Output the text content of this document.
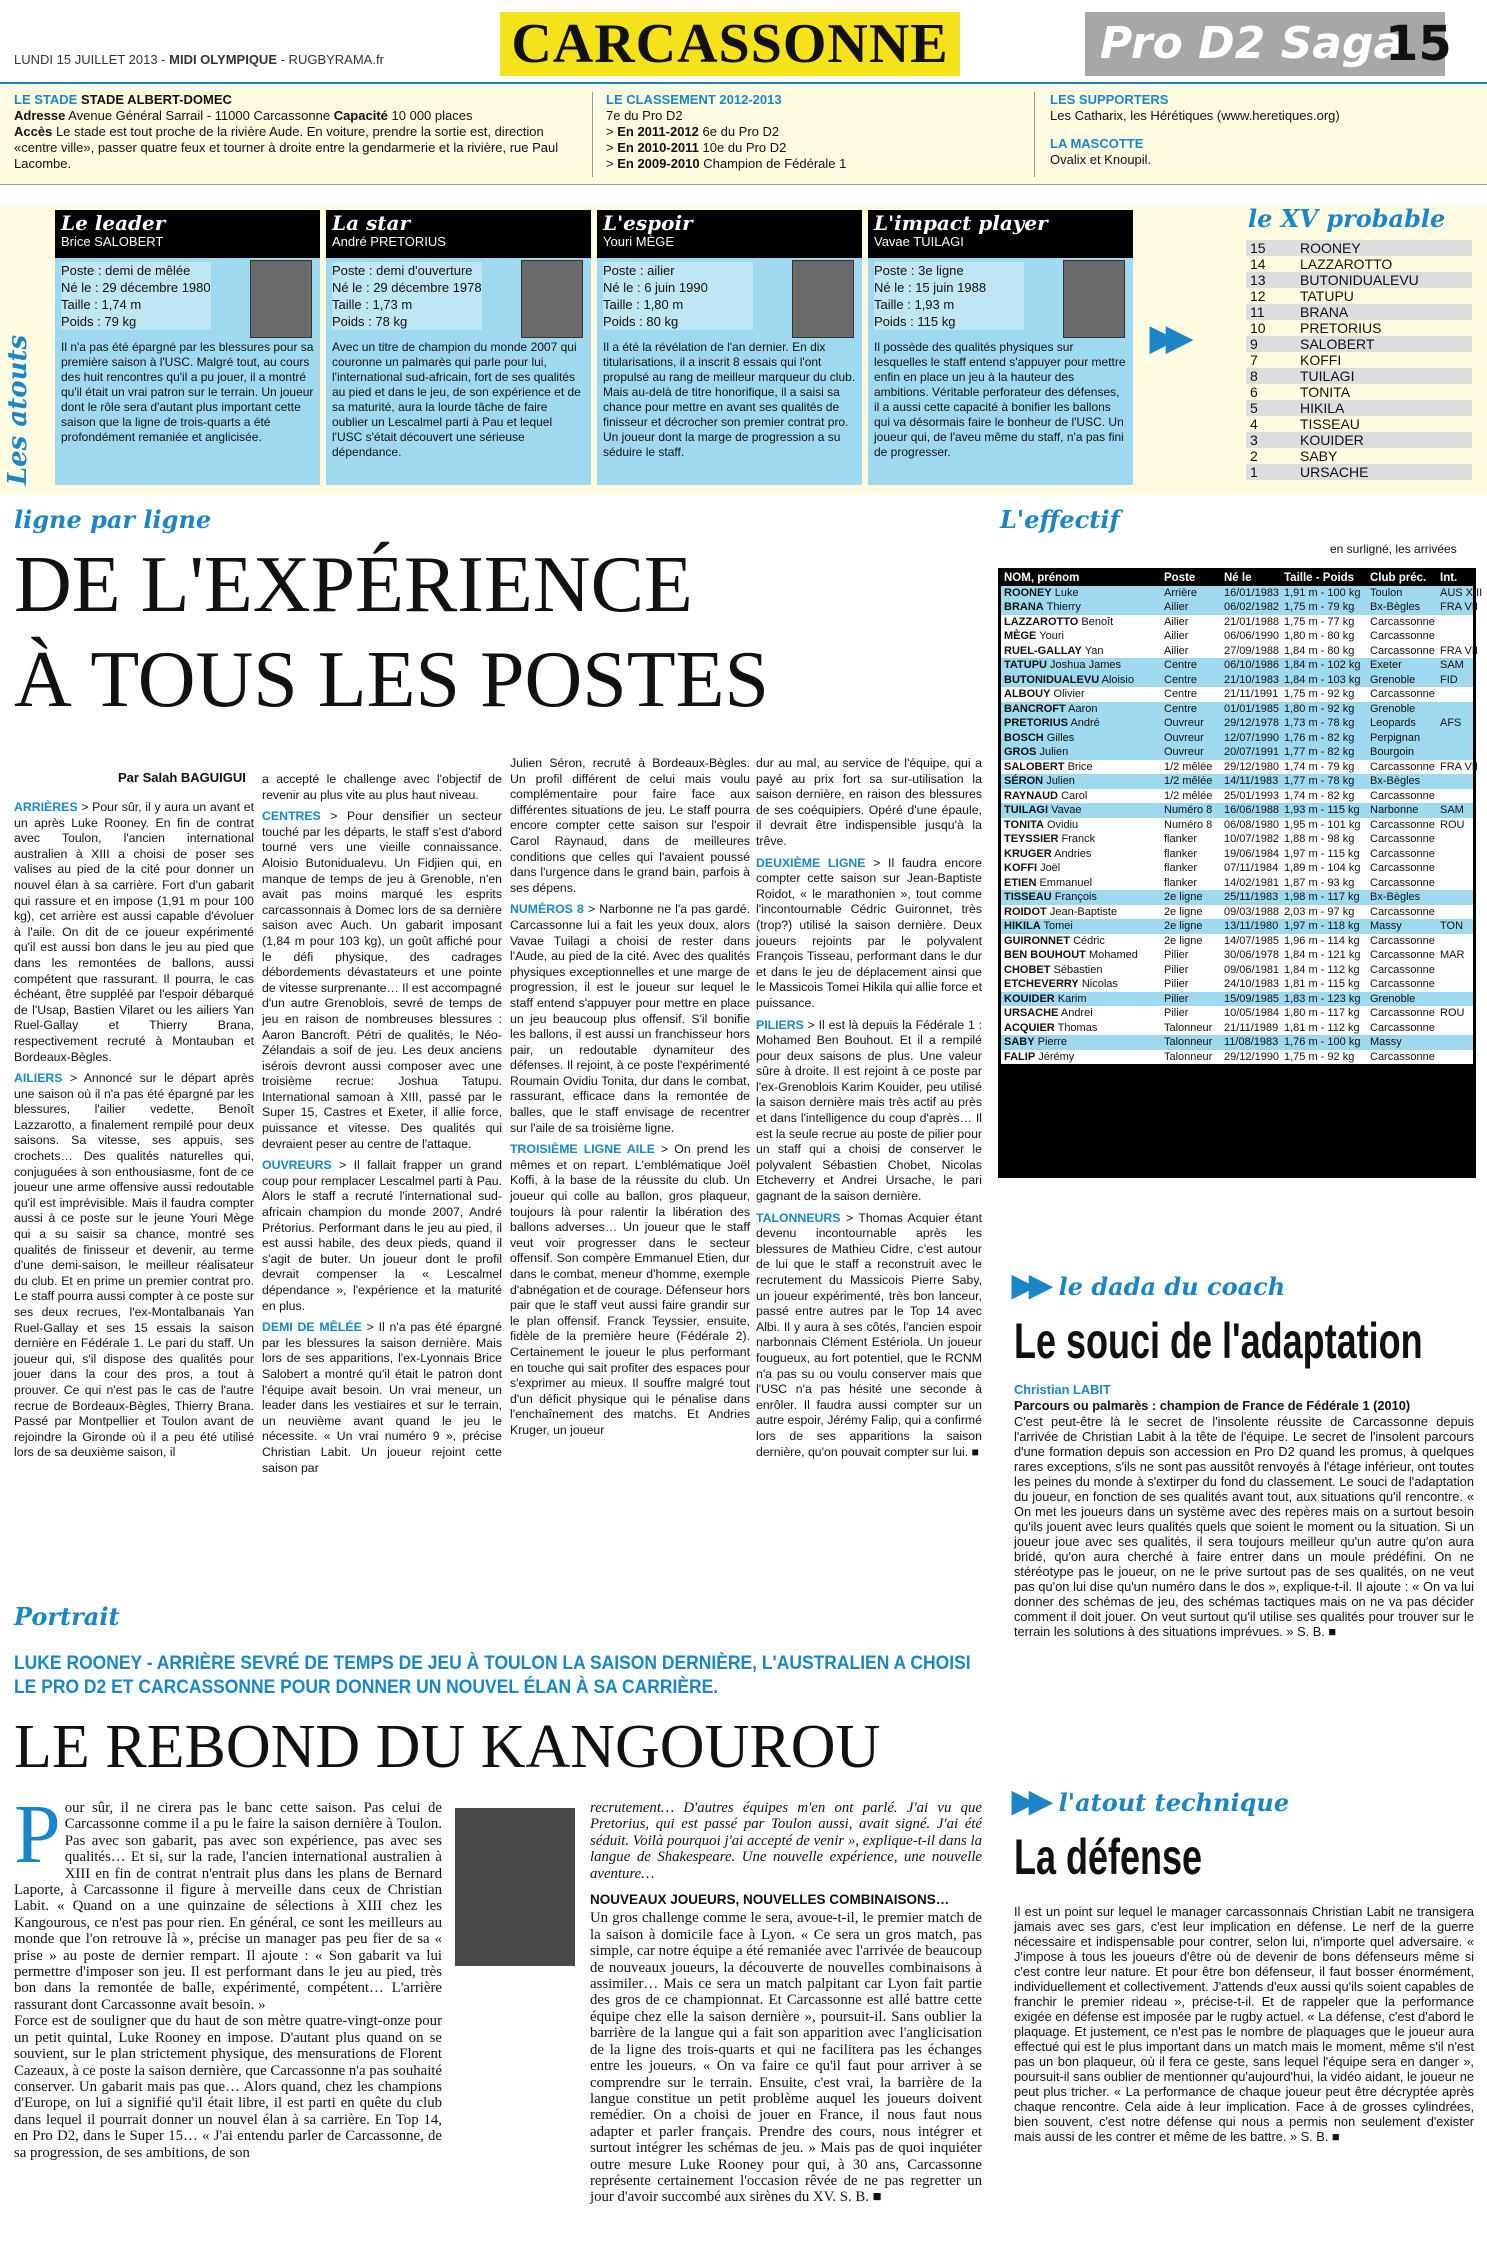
LUNDI 15 JUILLET 2013 - MIDI OLYMPIQUE - RUGBYRAMA.fr CARCASSONNE	Pro D2 Saga
15
LE STADE STADE ALBERT-DOMEC
Adresse Avenue Général Sarrail - 11000 Carcassonne Capacité 10 000 places
Accès Le stade est tout proche de la rivière Aude. En voiture, prendre la sortie est, direction «centre ville», passer quatre feux et tourner à droite entre la gendarmerie et la rivière, rue Paul Lacombe.
LE CLASSEMENT 2012-2013
7e du Pro D2
> En 2011-2012 6e du Pro D2
> En 2010-2011 10e du Pro D2
> En 2009-2010 Champion de Fédérale 1
LES SUPPORTERS
Les Catharix, les Hérétiques (www.heretiques.org)
LA MASCOTTE
Ovalix et Knoupil.
Les atouts
Le leader
Brice SALOBERT
Poste : demi de mêlée
Né le : 29 décembre 1980
Taille : 1,74 m
Poids : 79 kg
Il n'a pas été épargné par les blessures pour sa première saison à l'USC. Malgré tout, au cours des huit rencontres qu'il a pu jouer, il a montré qu'il était un vrai patron sur le terrain. Un joueur dont le rôle sera d'autant plus important cette saison que la ligne de trois-quarts a été profondément remaniée et anglicisée.
La star
André PRETORIUS
Poste : demi d'ouverture
Né le : 29 décembre 1978
Taille : 1,73 m
Poids : 78 kg
Avec un titre de champion du monde 2007 qui couronne un palmarès qui parle pour lui, l'international sud-africain, fort de ses qualités au pied et dans le jeu, de son expérience et de sa maturité, aura la lourde tâche de faire oublier un Lescalmel parti à Pau et lequel l'USC s'était découvert une sérieuse dépendance.
L'espoir
Youri MÈGE
Poste : ailier
Né le : 6 juin 1990
Taille : 1,80 m
Poids : 80 kg
Il a été la révélation de l'an dernier. En dix titularisations, il a inscrit 8 essais qui l'ont propulsé au rang de meilleur marqueur du club. Mais au-delà de titre honorifique, il a saisi sa chance pour mettre en avant ses qualités de finisseur et décrocher son premier contrat pro. Un joueur dont la marge de progression a su séduire le staff.
L'impact player
Vavae TUILAGI
Poste : 3e ligne
Né le : 15 juin 1988
Taille : 1,93 m
Poids : 115 kg
Il possède des qualités physiques sur lesquelles le staff entend s'appuyer pour mettre enfin en place un jeu à la hauteur des ambitions. Véritable perforateur des défenses, il a aussi cette capacité à bonifier les ballons qui va désormais faire le bonheur de l'USC. Un joueur qui, de l'aveu même du staff, n'a pas fini de progresser.
▶▶
le XV probable
15 ROONEY
14 LAZZAROTTO
13 BUTONIDUALEVU
12 TATUPU
11	BRANA
10 PRETORIUS
9	SALOBERT
7	KOFFI
8	TUILAGI
6	TONITA
5	HIKILA
4	TISSEAU
3	KOUIDER
2	SABY
1	URSACHE
ligne par ligne
DE L'EXPÉRIENCE
À TOUS LES POSTES
Par Salah BAGUIGUI

ARRIÈRES > Pour sûr, il y aura un avant et un après Luke Rooney. En fin de contrat avec Toulon, l'ancien international australien à XIII a choisi de poser ses valises au pied de la cité pour donner un nouvel élan à sa carrière. Fort d'un gabarit qui rassure et en impose (1,91 m pour 100 kg), cet arrière est aussi capable d'évoluer à l'aile. On dit de ce joueur expérimenté qu'il est aussi bon dans le jeu au pied que dans les remontées de ballons, aussi compétent que rassurant. Il pourra, le cas échéant, être suppléé par l'espoir débarqué de l'Usap, Bastien Vilaret ou les ailiers Yan Ruel-Gallay et Thierry Brana, respectivement recruté à Montauban et Bordeaux-Bègles.

AILIERS > Annoncé sur le départ après une saison où il n'a pas été épargné par les blessures, l'ailier vedette, Benoît Lazzarotto, a finalement rempilé pour deux saisons. Sa vitesse, ses appuis, ses crochets… Des qualités naturelles qui, conjuguées à son enthousiasme, font de ce joueur une arme offensive aussi redoutable qu'il est imprévisible. Mais il faudra compter aussi à ce poste sur le jeune Youri Mège qui a su saisir sa chance, montré ses qualités de finisseur et devenir, au terme d'une demi-saison, le meilleur réalisateur du club. Et en prime un premier contrat pro. Le staff pourra aussi compter à ce poste sur ses deux recrues, l'ex-Montalbanais Yan Ruel-Gallay et ses 15 essais la saison dernière en Fédérale 1. Le pari du staff. Un joueur qui, s'il dispose des qualités pour jouer dans la cour des pros, a tout à prouver. Ce qui n'est pas le cas de l'autre recrue de Bordeaux-Bègles, Thierry Brana. Passé par Montpellier et Toulon avant de rejoindre la Gironde où il a peu été utilisé lors de sa deuxième saison, il

a accepté le challenge avec l'objectif de revenir au plus vite au plus haut niveau.

CENTRES > Pour densifier un secteur touché par les départs, le staff s'est d'abord tourné vers une vieille connaissance. Aloisio Butonidualevu. Un Fidjien qui, en manque de temps de jeu à Grenoble, n'en avait pas moins marqué les esprits carcassonnais à Domec lors de sa dernière saison avec Auch. Un gabarit imposant (1,84 m pour 103 kg), un goût affiché pour le défi physique, des cadrages débordements dévastateurs et une pointe de vitesse surprenante… Il est accompagné d'un autre Grenoblois, sevré de temps de jeu en raison de nombreuses blessures : Aaron Bancroft. Pétri de qualités, le Néo-Zélandais a soif de jeu. Les deux anciens isérois devront aussi composer avec une troisième recrue: Joshua Tatupu. International samoan à XIII, passé par le Super 15, Castres et Exeter, il allie force, puissance et vitesse. Des qualités qui devraient peser au centre de l'attaque.

OUVREURS > Il fallait frapper un grand coup pour remplacer Lescalmel parti à Pau. Alors le staff a recruté l'international sud-africain champion du monde 2007, André Prétorius. Performant dans le jeu au pied, il est aussi habile, des deux pieds, quand il s'agit de buter. Un joueur dont le profil devrait compenser la « Lescalmel dépendance », l'expérience et la maturité en plus.

DEMI DE MÊLÉE > Il n'a pas été épargné par les blessures la saison dernière. Mais lors de ses apparitions, l'ex-Lyonnais Brice Salobert a montré qu'il était le patron dont l'équipe avait besoin. Un vrai meneur, un leader dans les vestiaires et sur le terrain, un neuvième avant quand le jeu le nécessite. « Un vrai numéro 9 », précise Christian Labit. Un joueur rejoint cette saison par

Julien Séron, recruté à Bordeaux-Bègles. Un profil différent de celui mais voulu complémentaire pour faire face aux différentes situations de jeu. Le staff pourra encore compter cette saison sur l'espoir Carol Raynaud, dans de meilleures conditions que celles qui l'avaient poussé dans l'urgence dans le grand bain, parfois à ses dépens.

NUMÉROS 8 > Narbonne ne l'a pas gardé. Carcassonne lui a fait les yeux doux, alors Vavae Tuilagi a choisi de rester dans l'Aude, au pied de la cité. Avec des qualités physiques exceptionnelles et une marge de progression, il est le joueur sur lequel le staff entend s'appuyer pour mettre en place un jeu beaucoup plus offensif. S'il bonifie les ballons, il est aussi un franchisseur hors pair, un redoutable dynamiteur des défenses. Il rejoint, à ce poste l'expérimenté Roumain Ovidiu Tonita, dur dans le combat, rassurant, efficace dans la remontée de balles, que le staff envisage de recentrer sur l'aile de sa troisième ligne.

TROISIÈME LIGNE AILE > On prend les mêmes et on repart. L'emblématique Joël Koffi, à la base de la réussite du club. Un joueur qui colle au ballon, gros plaqueur, toujours là pour ralentir la libération des ballons adverses… Un joueur que le staff veut voir progresser dans le secteur offensif. Son compère Emmanuel Etien, dur dans le combat, meneur d'homme, exemple d'abnégation et de courage. Défenseur hors pair que le staff veut aussi faire grandir sur le plan offensif. Franck Teyssier, ensuite, fidèle de la première heure (Fédérale 2). Certainement le joueur le plus performant en touche qui sait profiter des espaces pour s'exprimer au mieux. Il souffre malgré tout d'un déficit physique qui le pénalise dans l'enchaînement des matchs. Et Andries Kruger, un joueur

dur au mal, au service de l'équipe, qui a payé au prix fort sa sur-utilisation la saison dernière, en raison des blessures de ses coéquipiers. Opéré d'une épaule, il devrait être indispensible jusqu'à la trêve.

DEUXIÈME LIGNE > Il faudra encore compter cette saison sur Jean-Baptiste Roidot, « le marathonien », tout comme l'incontournable Cédric Guironnet, très (trop?) utilisé la saison dernière. Deux joueurs rejoints par le polyvalent François Tisseau, performant dans le dur et dans le jeu de déplacement ainsi que le Massicois Tomei Hikila qui allie force et puissance.

PILIERS > Il est là depuis la Fédérale 1 : Mohamed Ben Bouhout. Et il a rempilé pour deux saisons de plus. Une valeur sûre à droite. Il est rejoint à ce poste par l'ex-Grenoblois Karim Kouider, peu utilisé la saison dernière mais très actif au près et dans l'intelligence du coup d'après… Il est la seule recrue au poste de pilier pour un staff qui a choisi de conserver le polyvalent Sébastien Chobet, Nicolas Etcheverry et Andrei Ursache, le pari gagnant de la saison dernière.

TALONNEURS > Thomas Acquier étant devenu incontournable après les blessures de Mathieu Cidre, c'est autour de lui que le staff a reconstruit avec le recrutement du Massicois Pierre Saby, un joueur expérimenté, très bon lanceur, passé entre autres par le Top 14 avec Albi. Il y aura à ses côtés, l'ancien espoir narbonnais Clément Estériola. Un joueur fougueux, au fort potentiel, que le RCNM n'a pas su ou voulu conserver mais que l'USC n'a pas hésité une seconde à enrôler. Il faudra aussi compter sur un autre espoir, Jérémy Falip, qui a confirmé lors de ses apparitions la saison dernière, qu'on pouvait compter sur lui. ■

L'effectif
en surligné, les arrivées
NOM, prénom	Poste	Né le	Taille - Poids	Club préc.	Int.
ROONEY Luke	Arrière	16/01/1983	1,91 m - 100 kg	Toulon	AUS XIII
BRANA Thierry	Ailier	06/02/1982	1,75 m - 79 kg	Bx-Bègles	FRA VII
LAZZAROTTO Benoît	Ailier	21/01/1988	1,75 m - 77 kg	Carcassonne	
MÈGE Youri	Ailier	06/06/1990	1,80 m - 80 kg	Carcassonne	
RUEL-GALLAY Yan	Ailier	27/09/1988	1,84 m - 80 kg	Carcassonne	FRA VII
TATUPU Joshua James	Centre	06/10/1986	1,84 m - 102 kg	Exeter	SAM
BUTONIDUALEVU Aloisio	Centre	21/10/1983	1,84 m - 103 kg	Grenoble	FID
ALBOUY Olivier	Centre	21/11/1991	1,75 m - 92 kg	Carcassonne	
BANCROFT Aaron	Centre	01/01/1985	1,80 m - 92 kg	Grenoble	
PRETORIUS André	Ouvreur	29/12/1978	1,73 m - 78 kg	Leopards	AFS
BOSCH Gilles	Ouvreur	12/07/1990	1,76 m - 82 kg	Perpignan	
GROS Julien	Ouvreur	20/07/1991	1,77 m - 82 kg	Bourgoin	
SALOBERT Brice	1/2 mêlée	29/12/1980	1,74 m - 79 kg	Carcassonne	FRA VII
SÉRON Julien	1/2 mêlée	14/11/1983	1,77 m - 78 kg	Bx-Bègles	
RAYNAUD Carol	1/2 mêlée	25/01/1993	1,74 m - 82 kg	Carcassonne	
TUILAGI Vavae	Numéro 8	16/06/1988	1,93 m - 115 kg	Narbonne	SAM
TONITA Ovidiu	Numéro 8	06/08/1980	1,95 m - 101 kg	Carcassonne	ROU
TEYSSIER Franck	flanker	10/07/1982	1,88 m - 98 kg	Carcassonne	
KRUGER Andries	flanker	19/06/1984	1,97 m - 115 kg	Carcassonne	
KOFFI Joël	flanker	07/11/1984	1,89 m - 104 kg	Carcassonne	
ETIEN Emmanuel	flanker	14/02/1981	1,87 m - 93 kg	Carcassonne	
TISSEAU François	2e ligne	25/11/1983	1,98 m - 117 kg	Bx-Bègles	
ROIDOT Jean-Baptiste	2e ligne	09/03/1988	2,03 m - 97 kg	Carcassonne	
HIKILA Tomei	2e ligne	13/11/1980	1,97 m - 118 kg	Massy	TON
GUIRONNET Cédric	2e ligne	14/07/1985	1,96 m - 114 kg	Carcassonne	
BEN BOUHOUT Mohamed	Pilier	30/06/1978	1,84 m - 121 kg	Carcassonne	MAR
CHOBET Sébastien	Pilier	09/06/1981	1,84 m - 112 kg	Carcassonne	
ETCHEVERRY Nicolas	Pilier	24/10/1983	1,81 m - 115 kg	Carcassonne	
KOUIDER Karim	Pilier	15/09/1985	1,83 m - 123 kg	Grenoble	
URSACHE Andrei	Pilier	10/05/1984	1,80 m - 117 kg	Carcassonne	ROU
ACQUIER Thomas	Talonneur	21/11/1989	1,81 m - 112 kg	Carcassonne	
SABY Pierre	Talonneur	11/08/1983	1,76 m - 100 kg	Massy	
FALIP Jérémy	Talonneur	29/12/1990	1,75 m - 92 kg	Carcassonne	
▶▶ le dada du coach
Le souci de l'adaptation
Christian LABIT
Parcours ou palmarès : champion de France de Fédérale 1 (2010)
C'est peut-être là le secret de l'insolente réussite de Carcassonne depuis l'arrivée de Christian Labit à la tête de l'équipe. Le secret de l'insolent parcours d'une formation depuis son accession en Pro D2 quand les promus, à quelques rares exceptions, s'ils ne sont pas aussitôt renvoyés à l'étage inférieur, ont toutes les peines du monde à s'extirper du fond du classement. Le souci de l'adaptation du joueur, en fonction de ses qualités avant tout, aux situations qu'il rencontre. « On met les joueurs dans un système avec des repères mais on a surtout besoin qu'ils jouent avec leurs qualités quels que soient le moment ou la situation. Si un joueur joue avec ses qualités, il sera toujours meilleur qu'un autre qu'on aura bridé, qu'on aura cherché à faire entrer dans un moule prédéfini. On ne stéréotype pas le joueur, on ne le prive surtout pas de ses qualités, on ne veut pas qu'on lui dise qu'un numéro dans le dos », explique-t-il. Il ajoute : « On va lui donner des schémas de jeu, des schémas tactiques mais on ne va pas décider comment il doit jouer. On veut surtout qu'il utilise ses qualités pour trouver sur le terrain les solutions à des situations imprévues. » S. B. ■
▶▶ l'atout technique
La défense
Il est un point sur lequel le manager carcassonnais Christian Labit ne transigera jamais avec ses gars, c'est leur implication en défense. Le nerf de la guerre nécessaire et indispensable pour contrer, selon lui, n'importe quel adversaire. « J'impose à tous les joueurs d'être où de devenir de bons défenseurs même si c'est contre leur nature. Et pour être bon défenseur, il faut bosser énormément, individuellement et collectivement. J'attends d'eux aussi qu'ils soient capables de franchir le premier rideau », précise-t-il. Et de rappeler que la performance exigée en défense est imposée par le rugby actuel. « La défense, c'est d'abord le plaquage. Et justement, ce n'est pas le nombre de plaquages que le joueur aura effectué qui est le plus important dans un match mais le moment, même s'il n'est pas un bon plaqueur, où il fera ce geste, sans lequel l'équipe sera en danger », poursuit-il sans oublier de mentionner qu'aujourd'hui, la vidéo aidant, le joueur ne peut plus tricher. « La performance de chaque joueur peut être décryptée après chaque rencontre. Cela aide à leur implication. Face à de grosses cylindrées, bien souvent, c'est notre défense qui nous a permis non seulement d'exister mais aussi de les contrer et même de les battre. » S. B. ■
Portrait
LUKE ROONEY - ARRIÈRE SEVRÉ DE TEMPS DE JEU À TOULON LA SAISON DERNIÈRE, L'AUSTRALIEN A CHOISI LE PRO D2 ET CARCASSONNE POUR DONNER UN NOUVEL ÉLAN À SA CARRIÈRE.
LE REBOND DU KANGOUROU
Pour sûr, il ne cirera pas le banc cette saison. Pas celui de Carcassonne comme il a pu le faire la saison dernière à Toulon. Pas avec son gabarit, pas avec son expérience, pas avec ses qualités… Et si, sur la rade, l'ancien international australien à XIII en fin de contrat n'entrait plus dans les plans de Bernard Laporte, à Carcassonne il figure à merveille dans ceux de Christian Labit. « Quand on a une quinzaine de sélections à XIII chez les Kangourous, ce n'est pas pour rien. En général, ce sont les meilleurs au monde que l'on retrouve là », précise un manager pas peu fier de sa « prise » au poste de dernier rempart. Il ajoute : « Son gabarit va lui permettre d'imposer son jeu. Il est performant dans le jeu au pied, très bon dans la remontée de balle, expérimenté, compétent… L'arrière rassurant dont Carcassonne avait besoin. »
Force est de souligner que du haut de son mètre quatre-vingt-onze pour un petit quintal, Luke Rooney en impose. D'autant plus quand on se souvient, sur le plan strictement physique, des mensurations de Florent Cazeaux, à ce poste la saison dernière, que Carcassonne n'a pas souhaité conserver. Un gabarit mais pas que… Alors quand, chez les champions d'Europe, on lui a signifié qu'il était libre, il est parti en quête du club dans lequel il pourrait donner un nouvel élan à sa carrière. En Top 14, en Pro D2, dans le Super 15… « J'ai entendu parler de Carcassonne, de sa progression, de ses ambitions, de son

recrutement… D'autres équipes m'en ont parlé. J'ai vu que Pretorius, qui est passé par Toulon aussi, avait signé. J'ai été séduit. Voilà pourquoi j'ai accepté de venir », explique-t-il dans la langue de Shakespeare. Une nouvelle expérience, une nouvelle aventure…

NOUVEAUX JOUEURS, NOUVELLES COMBINAISONS…

Un gros challenge comme le sera, avoue-t-il, le premier match de la saison à domicile face à Lyon. « Ce sera un gros match, pas simple, car notre équipe a été remaniée avec l'arrivée de beaucoup de nouveaux joueurs, la découverte de nouvelles combinaisons à assimiler… Mais ce sera un match palpitant car Lyon fait partie des gros de ce championnat. Et Carcassonne est allé battre cette équipe chez elle la saison dernière », poursuit-il. Sans oublier la barrière de la langue qui a fait son apparition avec l'anglicisation de la ligne des trois-quarts et qui ne facilitera pas les échanges entre les joueurs. « On va faire ce qu'il faut pour arriver à se comprendre sur le terrain. Ensuite, c'est vrai, la barrière de la langue constitue un petit problème auquel les joueurs doivent remédier. On a choisi de jouer en France, il nous faut nous adapter et parler français. Prendre des cours, nous intégrer et surtout intégrer les schémas de jeu. » Mais pas de quoi inquiéter outre mesure Luke Rooney pour qui, à 30 ans, Carcassonne représente certainement l'occasion rêvée de ne pas regretter un jour d'avoir succombé aux sirènes du XV. S. B. ■
